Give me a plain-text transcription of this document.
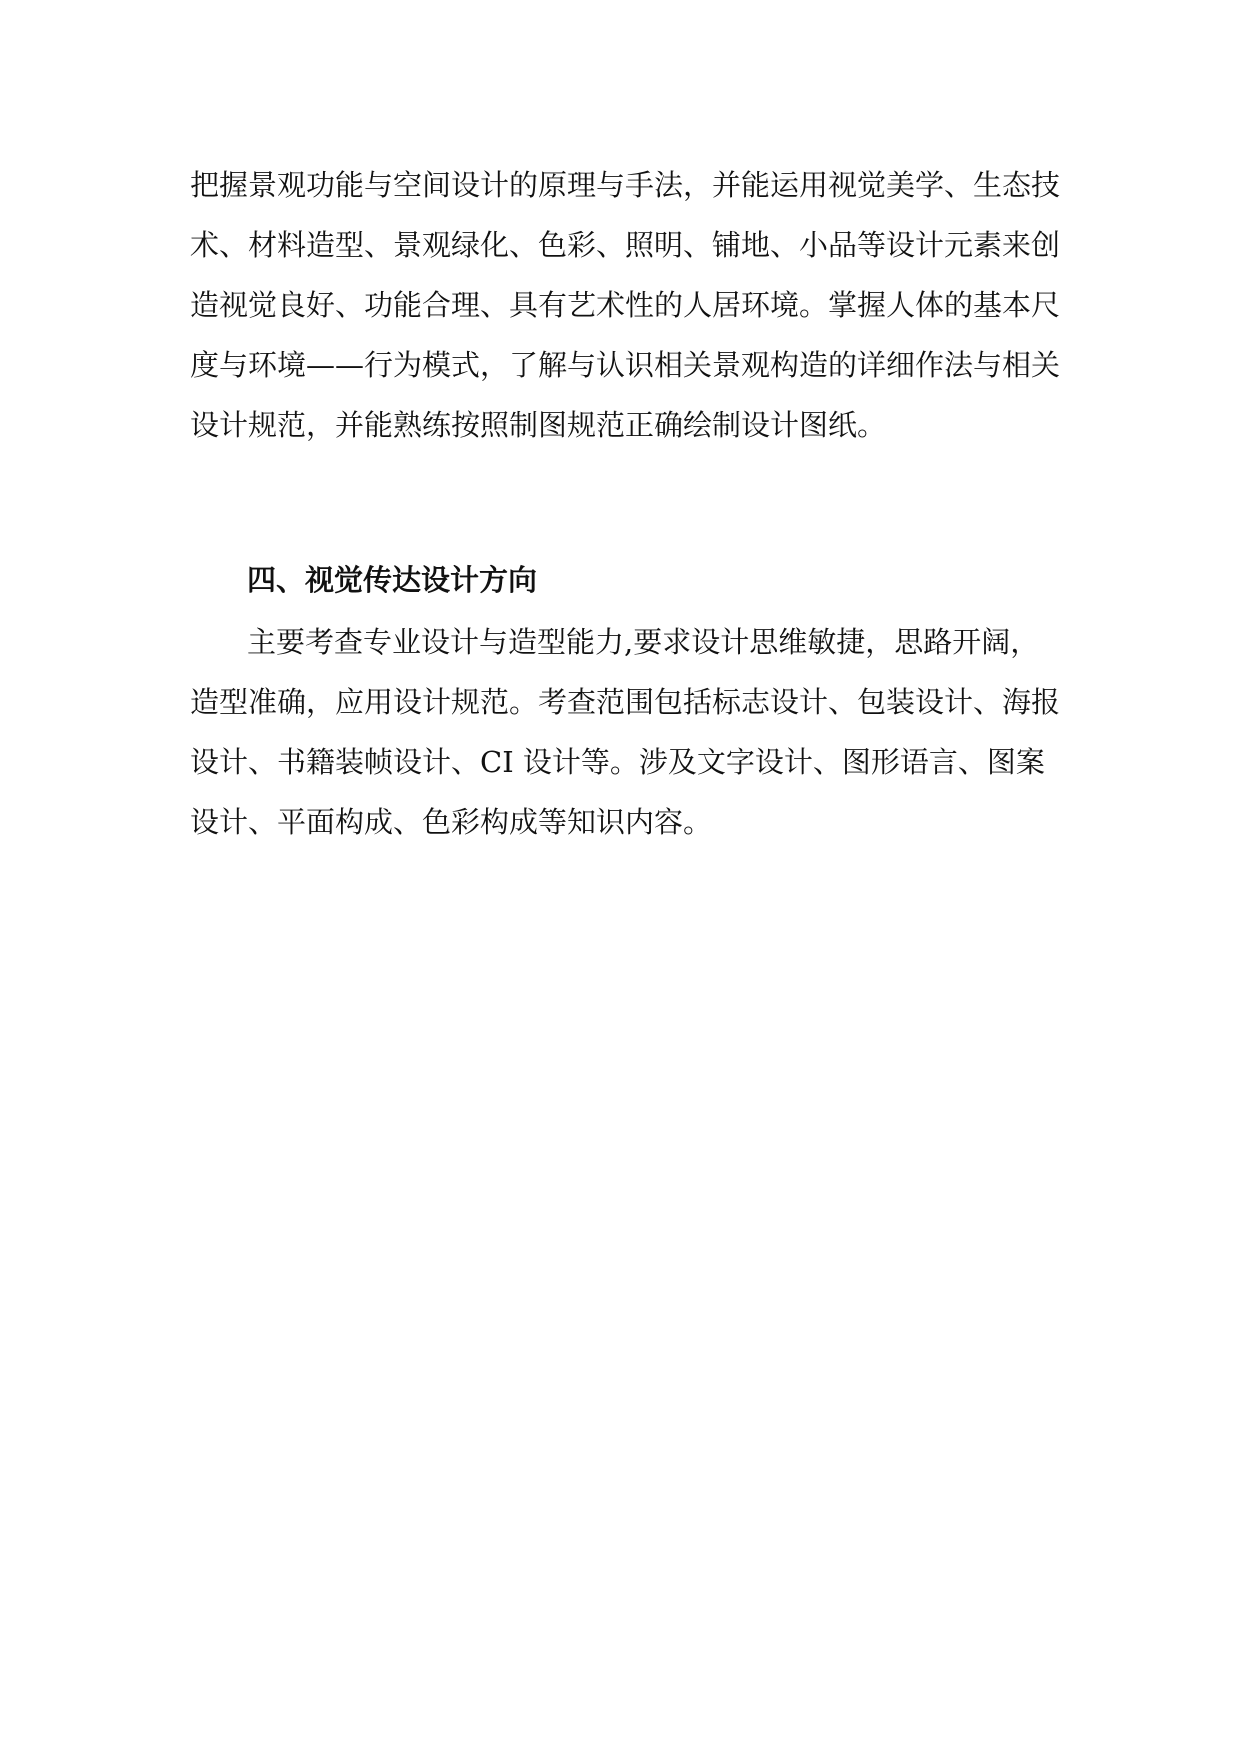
把握景观功能与空间设计的原理与手法，并能运用视觉美学、生态技
术、材料造型、景观绿化、色彩、照明、铺地、小品等设计元素来创
造视觉良好、功能合理、具有艺术性的人居环境。掌握人体的基本尺
度与环境——行为模式，了解与认识相关景观构造的详细作法与相关
设计规范，并能熟练按照制图规范正确绘制设计图纸。
四、视觉传达设计方向
主要考查专业设计与造型能力,要求设计思维敏捷，思路开阔，
造型准确，应用设计规范。考查范围包括标志设计、包装设计、海报
设计、书籍装帧设计、CI 设计等。涉及文字设计、图形语言、图案
设计、平面构成、色彩构成等知识内容。
